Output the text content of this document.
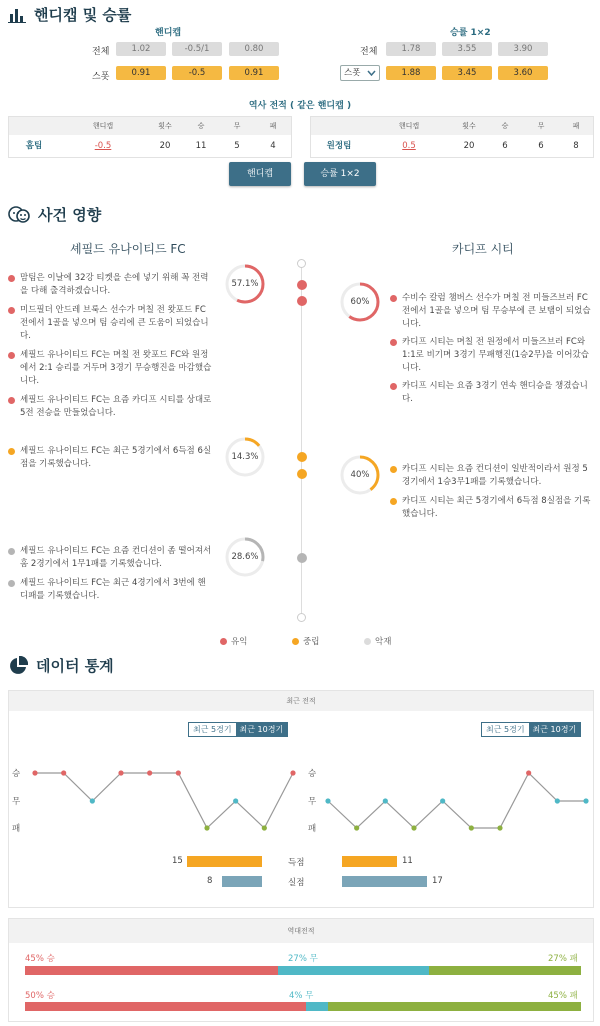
핸디캡 및 승률
핸디캡	승률 1×2
전체	1.02	-0.5/1	0.80
스폿	0.91	-0.5	0.91
전체	1.78	3.55	3.90
스폿	1.88	3.45	3.60
역사 전적 ( 같은 핸디캡 )
핸디캡	횟수	승	무	패
홈팀	-0.5	20	11	5	4
핸디캡	횟수	승	무	패
원정팀	0.5	20	6	6	8
핸디캡	승률 1×2
사건 영향
셰필드 유나이티드 FC	카디프 시티
맘팀은 이날에 32강 티켓을 손에 넣기 위해 꼭 전력을 다해 출격하겠습니다.
미드필더 안드레 브룩스 선수가 며칠 전 왓포드 FC 전에서 1골을 넣으며 팀 승리에 큰 도움이 되었습니다.
셰필드 유나이티드 FC는 며칠 전 왓포드 FC와 원정에서 2:1 승리를 거두며 3경기 무승행진을 마감했습니다.
셰필드 유나이티드 FC는 요즘 카디프 시티를 상대로 5전 전승을 만들었습니다.
셰필드 유나이티드 FC는 최근 5경기에서 6득점 6실점을 기록했습니다.
셰필드 유나이티드 FC는 요즘 컨디션이 좀 떨어져서 홈 2경기에서 1무1패를 기록했습니다.
셰필드 유나이티드 FC는 최근 4경기에서 3번에 핸디패를 기록했습니다.
수비수 칼럼 챔버스 선수가 며칠 전 미들즈브러 FC 전에서 1골을 넣으며 팀 무승부에 큰 보탬이 되었습니다.
카디프 시티는 며칠 전 원정에서 미들즈브러 FC와 1:1로 비기며 3경기 무패행진(1승2무)을 이어갔습니다.
카디프 시티는 요즘 3경기 연속 핸디승을 챙겼습니다.
카디프 시티는 요즘 컨디션이 일반적이라서 원정 5경기에서 1승3무1패를 기록했습니다.
카디프 시티는 최근 5경기에서 6득점 8실점을 기록했습니다.
57.1%
60%
14.3%
40%
28.6%
유익	중립	악재
데이터 통계
최근 전적
최근 5경기	최근 10경기	최근 5경기	최근 10경기
승
무
패
승
무
패
득점
실점
15
8
11
17
역대전적
45% 승	27% 무	27% 패
50% 승	4% 무	45% 패
